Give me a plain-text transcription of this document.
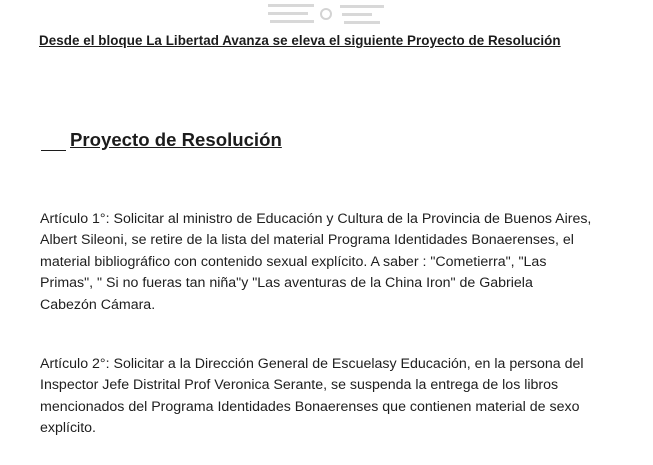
Desde el bloque La Libertad Avanza se eleva el siguiente Proyecto de Resolución
Proyecto de Resolución
Artículo 1°: Solicitar al ministro de Educación y Cultura de la Provincia de Buenos Aires,
Albert Sileoni, se retire de la lista del material Programa Identidades Bonaerenses, el
material bibliográfico con contenido sexual explícito. A saber : "Cometierra", "Las
Primas", " Si no fueras tan niña"y "Las aventuras de la China Iron" de Gabriela
Cabezón Cámara.
Artículo 2°: Solicitar a la Dirección General de Escuelasy Educación, en la persona del
Inspector Jefe Distrital Prof Veronica Serante, se suspenda la entrega de los libros
mencionados del Programa Identidades Bonaerenses que contienen material de sexo
explícito.
